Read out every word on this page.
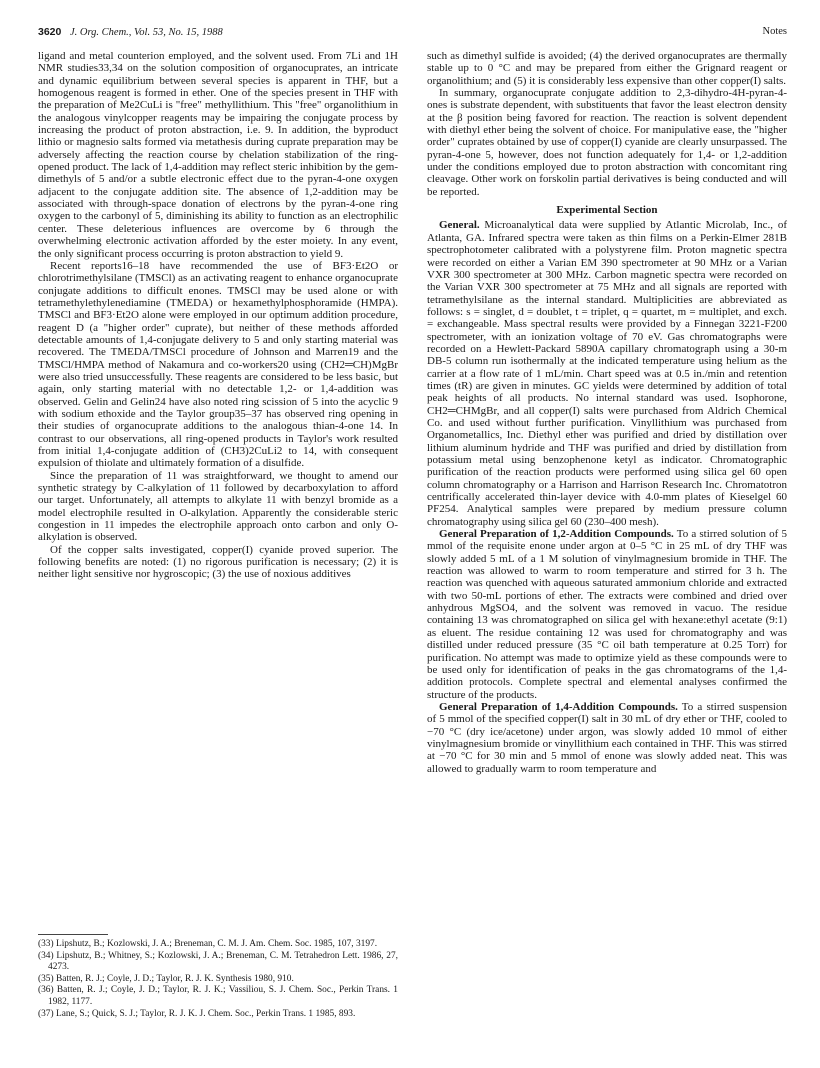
3620 J. Org. Chem., Vol. 53, No. 15, 1988	Notes

ligand and metal counterion employed, and the solvent used. From 7Li and 1H NMR studies33,34 on the solution composition of organocuprates, an intricate and dynamic equilibrium between several species is apparent in THF, but a homogenous reagent is formed in ether. One of the species present in THF with the preparation of Me2CuLi is "free" methyllithium. This "free" organolithium in the analogous vinylcopper reagents may be impairing the conjugate process by increasing the product of proton abstraction, i.e. 9. In addition, the byproduct lithio or magnesio salts formed via metathesis during cuprate preparation may be adversely affecting the reaction course by chelation stabilization of the ring-opened product. The lack of 1,4-addition may reflect steric inhibition by the gem-dimethyls of 5 and/or a subtle electronic effect due to the pyran-4-one oxygen adjacent to the conjugate addition site. The absence of 1,2-addition may be associated with through-space donation of electrons by the pyran-4-one ring oxygen to the carbonyl of 5, diminishing its ability to function as an electrophilic center. These deleterious influences are overcome by 6 through the overwhelming electronic activation afforded by the ester moiety. In any event, the only significant process occurring is proton abstraction to yield 9.

Recent reports16–18 have recommended the use of BF3·Et2O or chlorotrimethylsilane (TMSCl) as an activating reagent to enhance organocuprate conjugate additions to difficult enones. TMSCl may be used alone or with tetramethylethylenediamine (TMEDA) or hexamethylphosphoramide (HMPA). TMSCl and BF3·Et2O alone were employed in our optimum addition procedure, reagent D (a "higher order" cuprate), but neither of these methods afforded detectable amounts of 1,4-conjugate delivery to 5 and only starting material was recovered. The TMEDA/TMSCl procedure of Johnson and Marren19 and the TMSCl/HMPA method of Nakamura and co-workers20 using (CH2═CH)MgBr were also tried unsuccessfully. These reagents are considered to be less basic, but again, only starting material with no detectable 1,2- or 1,4-addition was observed. Gelin and Gelin24 have also noted ring scission of 5 into the acyclic 9 with sodium ethoxide and the Taylor group35–37 has observed ring opening in their studies of organocuprate additions to the analogous thian-4-one 14. In contrast to our observations, all ring-opened products in Taylor's work resulted from initial 1,4-conjugate addition of (CH3)2CuLi2 to 14, with consequent expulsion of thiolate and ultimately formation of a disulfide.

Since the preparation of 11 was straightforward, we thought to amend our synthetic strategy by C-alkylation of 11 followed by decarboxylation to afford our target. Unfortunately, all attempts to alkylate 11 with benzyl bromide as a model electrophile resulted in O-alkylation. Apparently the considerable steric congestion in 11 impedes the electrophile approach onto carbon and only O-alkylation is observed.

Of the copper salts investigated, copper(I) cyanide proved superior. The following benefits are noted: (1) no rigorous purification is necessary; (2) it is neither light sensitive nor hygroscopic; (3) the use of noxious additives

(33) Lipshutz, B.; Kozlowski, J. A.; Breneman, C. M. J. Am. Chem. Soc. 1985, 107, 3197.

(34) Lipshutz, B.; Whitney, S.; Kozlowski, J. A.; Breneman, C. M. Tetrahedron Lett. 1986, 27, 4273.

(35) Batten, R. J.; Coyle, J. D.; Taylor, R. J. K. Synthesis 1980, 910.

(36) Batten, R. J.; Coyle, J. D.; Taylor, R. J. K.; Vassiliou, S. J. Chem. Soc., Perkin Trans. 1 1982, 1177.

(37) Lane, S.; Quick, S. J.; Taylor, R. J. K. J. Chem. Soc., Perkin Trans. 1 1985, 893.

such as dimethyl sulfide is avoided; (4) the derived organocuprates are thermally stable up to 0 °C and may be prepared from either the Grignard reagent or organolithium; and (5) it is considerably less expensive than other copper(I) salts.

In summary, organocuprate conjugate addition to 2,3-dihydro-4H-pyran-4-ones is substrate dependent, with substituents that favor the least electron density at the β position being favored for reaction. The reaction is solvent dependent with diethyl ether being the solvent of choice. For manipulative ease, the "higher order" cuprates obtained by use of copper(I) cyanide are clearly unsurpassed. The pyran-4-one 5, however, does not function adequately for 1,4- or 1,2-addition under the conditions employed due to proton abstraction with concomitant ring cleavage. Other work on forskolin partial derivatives is being conducted and will be reported.

Experimental Section

General. Microanalytical data were supplied by Atlantic Microlab, Inc., of Atlanta, GA. Infrared spectra were taken as thin films on a Perkin-Elmer 281B spectrophotometer calibrated with a polystyrene film. Proton magnetic spectra were recorded on either a Varian EM 390 spectrometer at 90 MHz or a Varian VXR 300 spectrometer at 300 MHz. Carbon magnetic spectra were recorded on the Varian VXR 300 spectrometer at 75 MHz and all signals are reported with tetramethylsilane as the internal standard. Multiplicities are abbreviated as follows: s = singlet, d = doublet, t = triplet, q = quartet, m = multiplet, and exch. = exchangeable. Mass spectral results were provided by a Finnegan 3221-F200 spectrometer, with an ionization voltage of 70 eV. Gas chromatographs were recorded on a Hewlett-Packard 5890A capillary chromatograph using a 30-m DB-5 column run isothermally at the indicated temperature using helium as the carrier at a flow rate of 1 mL/min. Chart speed was at 0.5 in./min and retention times (tR) are given in minutes. GC yields were determined by addition of total peak heights of all products. No internal standard was used. Isophorone, CH2═CHMgBr, and all copper(I) salts were purchased from Aldrich Chemical Co. and used without further purification. Vinyllithium was purchased from Organometallics, Inc. Diethyl ether was purified and dried by distillation over lithium aluminum hydride and THF was purified and dried by distillation from potassium metal using benzophenone ketyl as indicator. Chromatographic purification of the reaction products were performed using silica gel 60 open column chromatography or a Harrison and Harrison Research Inc. Chromatotron centrifically accelerated thin-layer device with 4.0-mm plates of Kieselgel 60 PF254. Analytical samples were prepared by medium pressure column chromatography using silica gel 60 (230–400 mesh).

General Preparation of 1,2-Addition Compounds. To a stirred solution of 5 mmol of the requisite enone under argon at 0–5 °C in 25 mL of dry THF was slowly added 5 mL of a 1 M solution of vinylmagnesium bromide in THF. The reaction was allowed to warm to room temperature and stirred for 3 h. The reaction was quenched with aqueous saturated ammonium chloride and extracted with two 50-mL portions of ether. The extracts were combined and dried over anhydrous MgSO4, and the solvent was removed in vacuo. The residue containing 13 was chromatographed on silica gel with hexane:ethyl acetate (9:1) as eluent. The residue containing 12 was used for chromatography and was distilled under reduced pressure (35 °C oil bath temperature at 0.25 Torr) for purification. No attempt was made to optimize yield as these compounds were to be used only for identification of peaks in the gas chromatograms of the 1,4-addition protocols. Complete spectral and elemental analyses confirmed the structure of the products.

General Preparation of 1,4-Addition Compounds. To a stirred suspension of 5 mmol of the specified copper(I) salt in 30 mL of dry ether or THF, cooled to −70 °C (dry ice/acetone) under argon, was slowly added 10 mmol of either vinylmagnesium bromide or vinyllithium each contained in THF. This was stirred at −70 °C for 30 min and 5 mmol of enone was slowly added neat. This was allowed to gradually warm to room temperature and
